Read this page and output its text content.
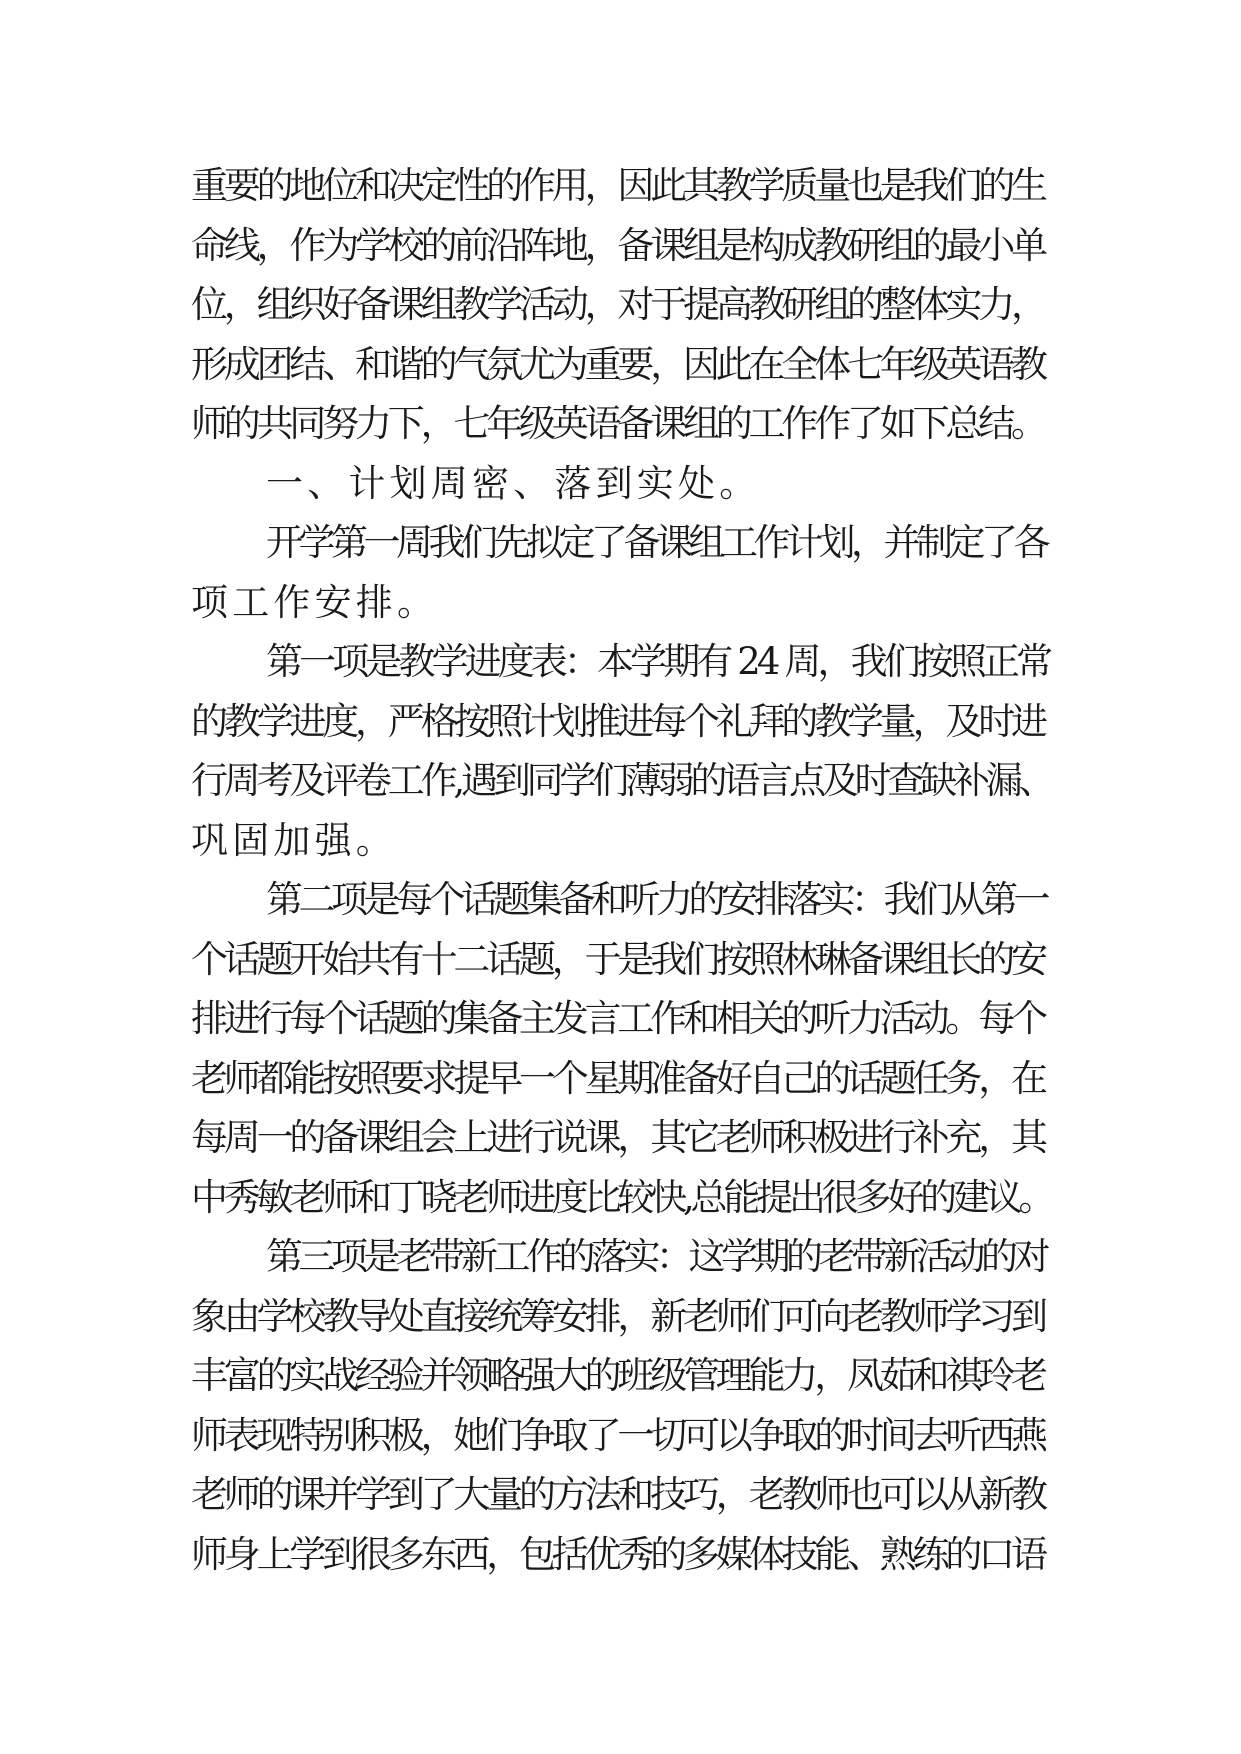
重要的地位和决定性的作用，因此其教学质量也是我们的生
命线，作为学校的前沿阵地，备课组是构成教研组的最小单
位，组织好备课组教学活动，对于提高教研组的整体实力，
形成团结、和谐的气氛尤为重要，因此在全体七年级英语教
师的共同努力下，七年级英语备课组的工作作了如下总结。
一、计划周密、落到实处。
开学第一周我们先拟定了备课组工作计划，并制定了各
项工作安排。
第一项是教学进度表：本学期有 24 周，我们按照正常
的教学进度，严格按照计划推进每个礼拜的教学量，及时进
行周考及评卷工作,遇到同学们薄弱的语言点及时查缺补漏、
巩固加强。
第二项是每个话题集备和听力的安排落实：我们从第一
个话题开始共有十二话题，于是我们按照林琳备课组长的安
排进行每个话题的集备主发言工作和相关的听力活动。每个
老师都能按照要求提早一个星期准备好自己的话题任务，在
每周一的备课组会上进行说课，其它老师积极进行补充，其
中秀敏老师和丁晓老师进度比较快,总能提出很多好的建议。
第三项是老带新工作的落实：这学期的老带新活动的对
象由学校教导处直接统筹安排，新老师们可向老教师学习到
丰富的实战经验并领略强大的班级管理能力，凤茹和祺玲老
师表现特别积极，她们争取了一切可以争取的时间去听西燕
老师的课并学到了大量的方法和技巧，老教师也可以从新教
师身上学到很多东西，包括优秀的多媒体技能、熟练的口语
